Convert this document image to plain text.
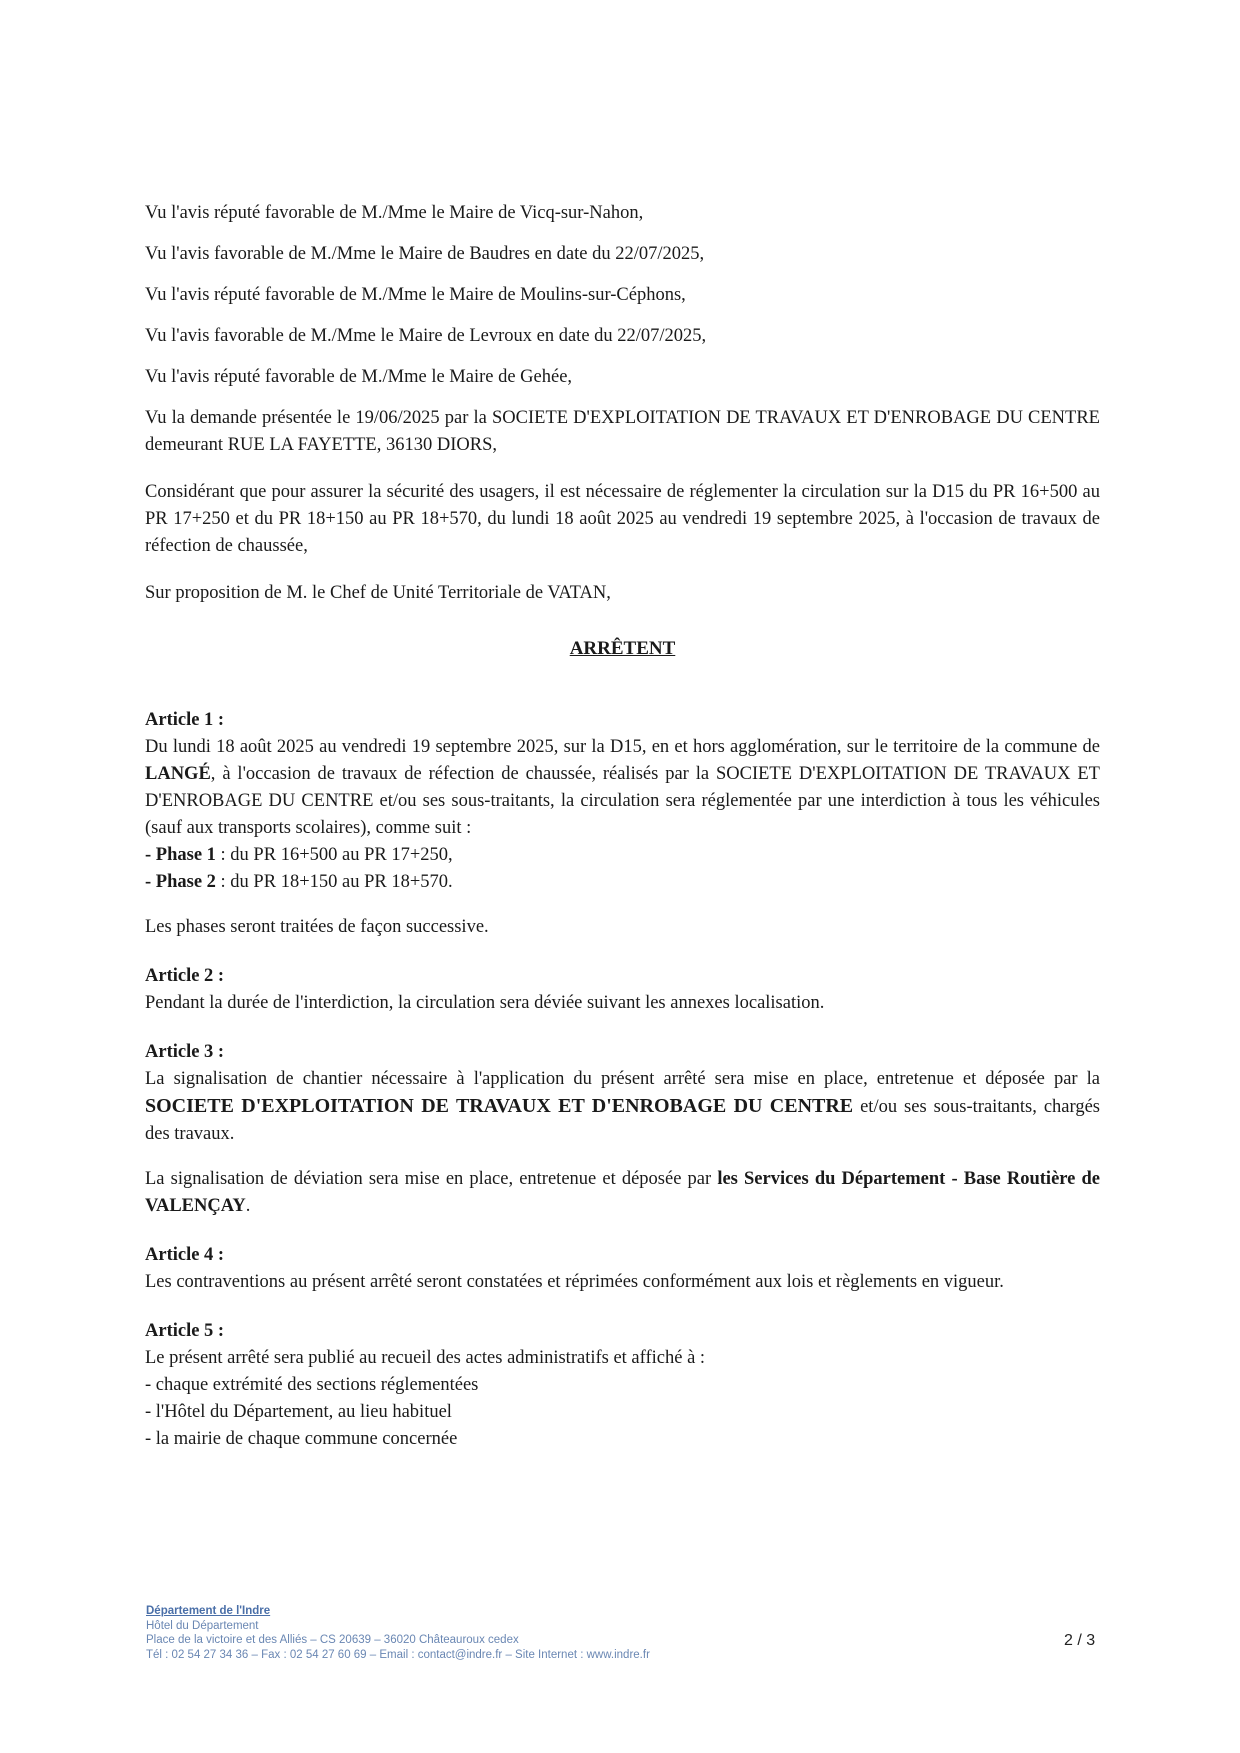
Vu l'avis réputé favorable de M./Mme le Maire de Vicq-sur-Nahon,

Vu l'avis favorable de M./Mme le Maire de Baudres en date du 22/07/2025,

Vu l'avis réputé favorable de M./Mme le Maire de Moulins-sur-Céphons,

Vu l'avis favorable de M./Mme le Maire de Levroux en date du 22/07/2025,

Vu l'avis réputé favorable de M./Mme le Maire de Gehée,

Vu la demande présentée le 19/06/2025 par la SOCIETE D'EXPLOITATION DE TRAVAUX ET D'ENROBAGE DU CENTRE demeurant RUE LA FAYETTE, 36130 DIORS,

Considérant que pour assurer la sécurité des usagers, il est nécessaire de réglementer la circulation sur la D15 du PR 16+500 au PR 17+250 et du PR 18+150 au PR 18+570, du lundi 18 août 2025 au vendredi 19 septembre 2025, à l'occasion de travaux de réfection de chaussée,

Sur proposition de M. le Chef de Unité Territoriale de VATAN,

ARRÊTENT

Article 1 :

Du lundi 18 août 2025 au vendredi 19 septembre 2025, sur la D15, en et hors agglomération, sur le territoire de la commune de LANGÉ, à l'occasion de travaux de réfection de chaussée, réalisés par la SOCIETE D'EXPLOITATION DE TRAVAUX ET D'ENROBAGE DU CENTRE et/ou ses sous-traitants, la circulation sera réglementée par une interdiction à tous les véhicules (sauf aux transports scolaires), comme suit :

- Phase 1 : du PR 16+500 au PR 17+250,

- Phase 2 : du PR 18+150 au PR 18+570.

Les phases seront traitées de façon successive.

Article 2 :

Pendant la durée de l'interdiction, la circulation sera déviée suivant les annexes localisation.

Article 3 :

La signalisation de chantier nécessaire à l'application du présent arrêté sera mise en place, entretenue et déposée par la SOCIETE D'EXPLOITATION DE TRAVAUX ET D'ENROBAGE DU CENTRE et/ou ses sous-traitants, chargés des travaux.

La signalisation de déviation sera mise en place, entretenue et déposée par les Services du Département - Base Routière de VALENÇAY.

Article 4 :

Les contraventions au présent arrêté seront constatées et réprimées conformément aux lois et règlements en vigueur.

Article 5 :

Le présent arrêté sera publié au recueil des actes administratifs et affiché à :

- chaque extrémité des sections réglementées

- l'Hôtel du Département, au lieu habituel

- la mairie de chaque commune concernée

Département de l'Indre
Hôtel du Département
Place de la victoire et des Alliés – CS 20639 – 36020 Châteauroux cedex
Tél : 02 54 27 34 36 – Fax : 02 54 27 60 69 – Email : contact@indre.fr – Site Internet : www.indre.fr
2 / 3
